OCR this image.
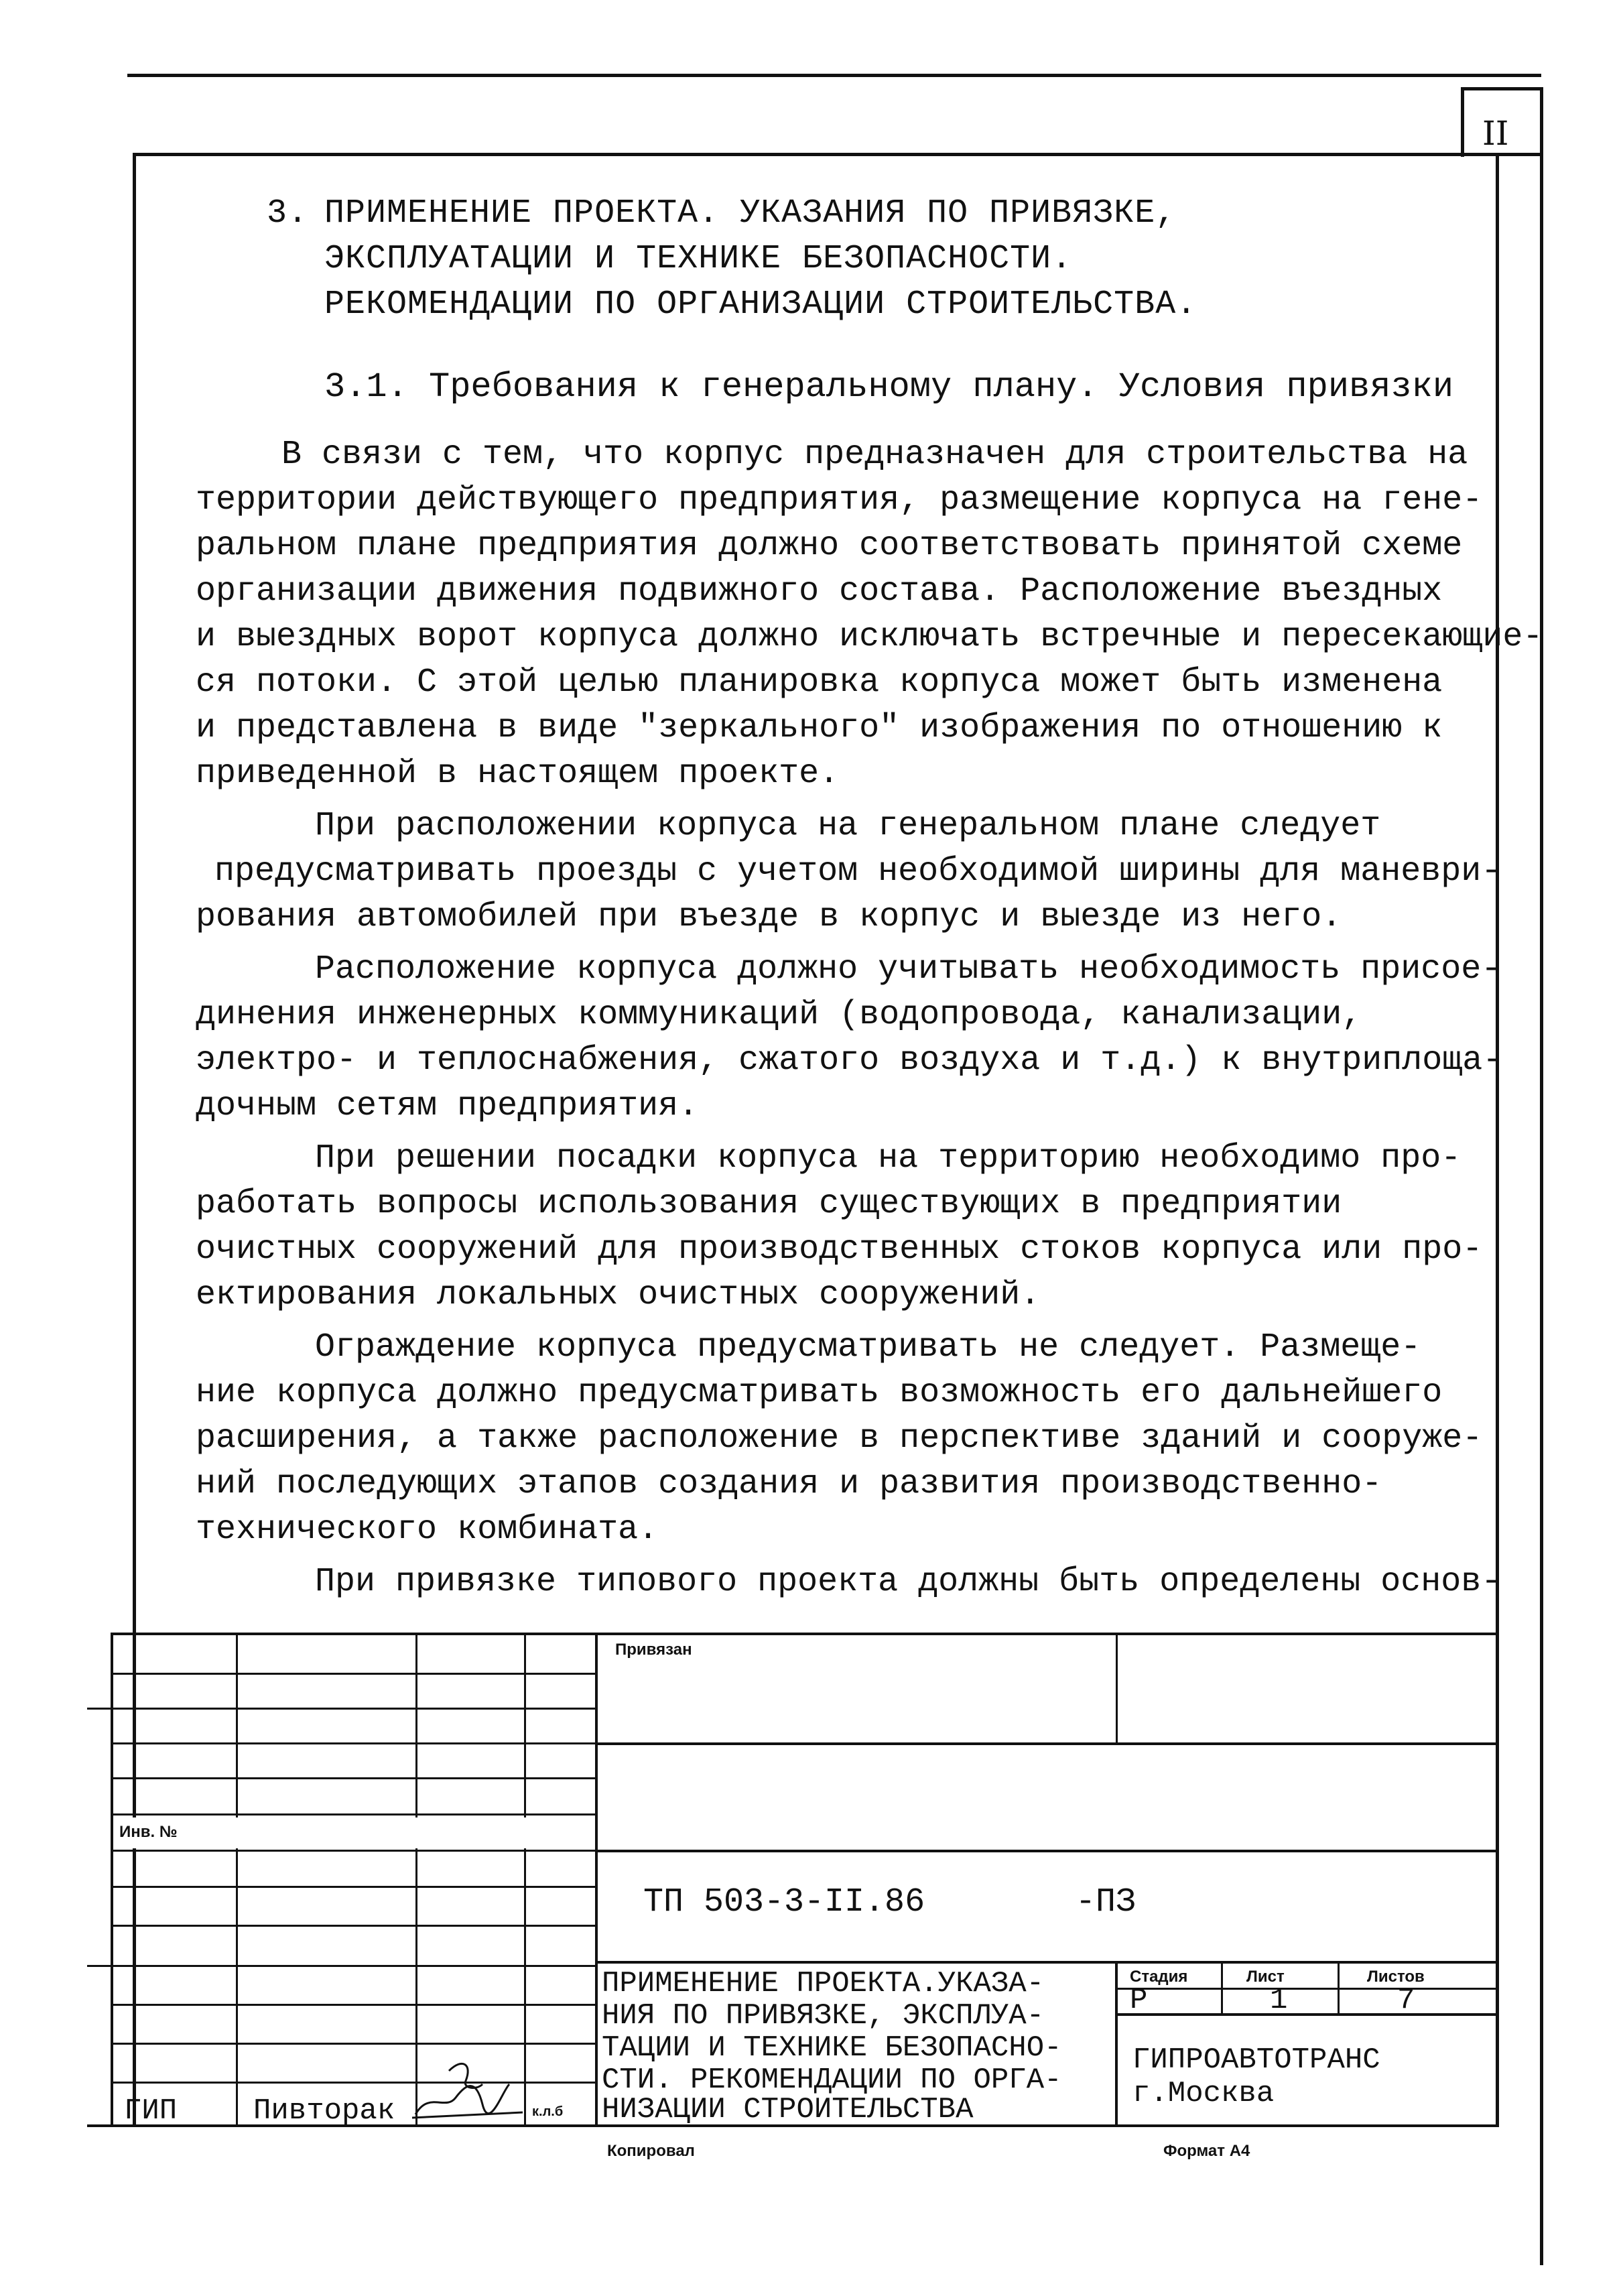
II
3. ПРИМЕНЕНИЕ ПРОЕКТА. УКАЗАНИЯ ПО ПРИВЯЗКЕ,
ЭКСПЛУАТАЦИИ И ТЕХНИКЕ БЕЗОПАСНОСТИ.
РЕКОМЕНДАЦИИ ПО ОРГАНИЗАЦИИ СТРОИТЕЛЬСТВА.
3.1. Требования к генеральному плану. Условия привязки
В связи с тем, что корпус предназначен для строительства на
территории действующего предприятия, размещение корпуса на гене-
ральном плане предприятия должно соответствовать принятой схеме
организации движения подвижного состава. Расположение въездных
и выездных ворот корпуса должно исключать встречные и пересекающие-
ся потоки. С этой целью планировка корпуса может быть изменена
и представлена в виде "зеркального" изображения по отношению к
приведенной в настоящем проекте.
При расположении корпуса на генеральном плане следует
предусматривать проезды с учетом необходимой ширины для маневри-
рования автомобилей при въезде в корпус и выезде из него.
Расположение корпуса должно учитывать необходимость присое-
динения инженерных коммуникаций (водопровода, канализации,
электро- и теплоснабжения, сжатого воздуха и т.д.) к внутриплоща-
дочным сетям предприятия.
При решении посадки корпуса на территорию необходимо про-
работать вопросы использования существующих в предприятии
очистных сооружений для производственных стоков корпуса или про-
ектирования локальных очистных сооружений.
Ограждение корпуса предусматривать не следует. Размеще-
ние корпуса должно предусматривать возможность его дальнейшего
расширения, а также расположение в перспективе зданий и сооруже-
ний последующих этапов создания и развития производственно-
технического комбината.
При привязке типового проекта должны быть определены основ-
Инв. №
Привязан
ТП 503-3-II.86	-ПЗ
ПРИМЕНЕНИЕ ПРОЕКТА.УКАЗА-
НИЯ ПО ПРИВЯЗКЕ, ЭКСПЛУА-
ТАЦИИ И ТЕХНИКЕ БЕЗОПАСНО-
СТИ. РЕКОМЕНДАЦИИ ПО ОРГА-
НИЗАЦИИ СТРОИТЕЛЬСТВА
Стадия	Лист	Листов
Р	1	7
ГИПРОАВТОТРАНС
г.Москва
ГИП	Пивторак	к.л.б
Копировал	Формат А4
